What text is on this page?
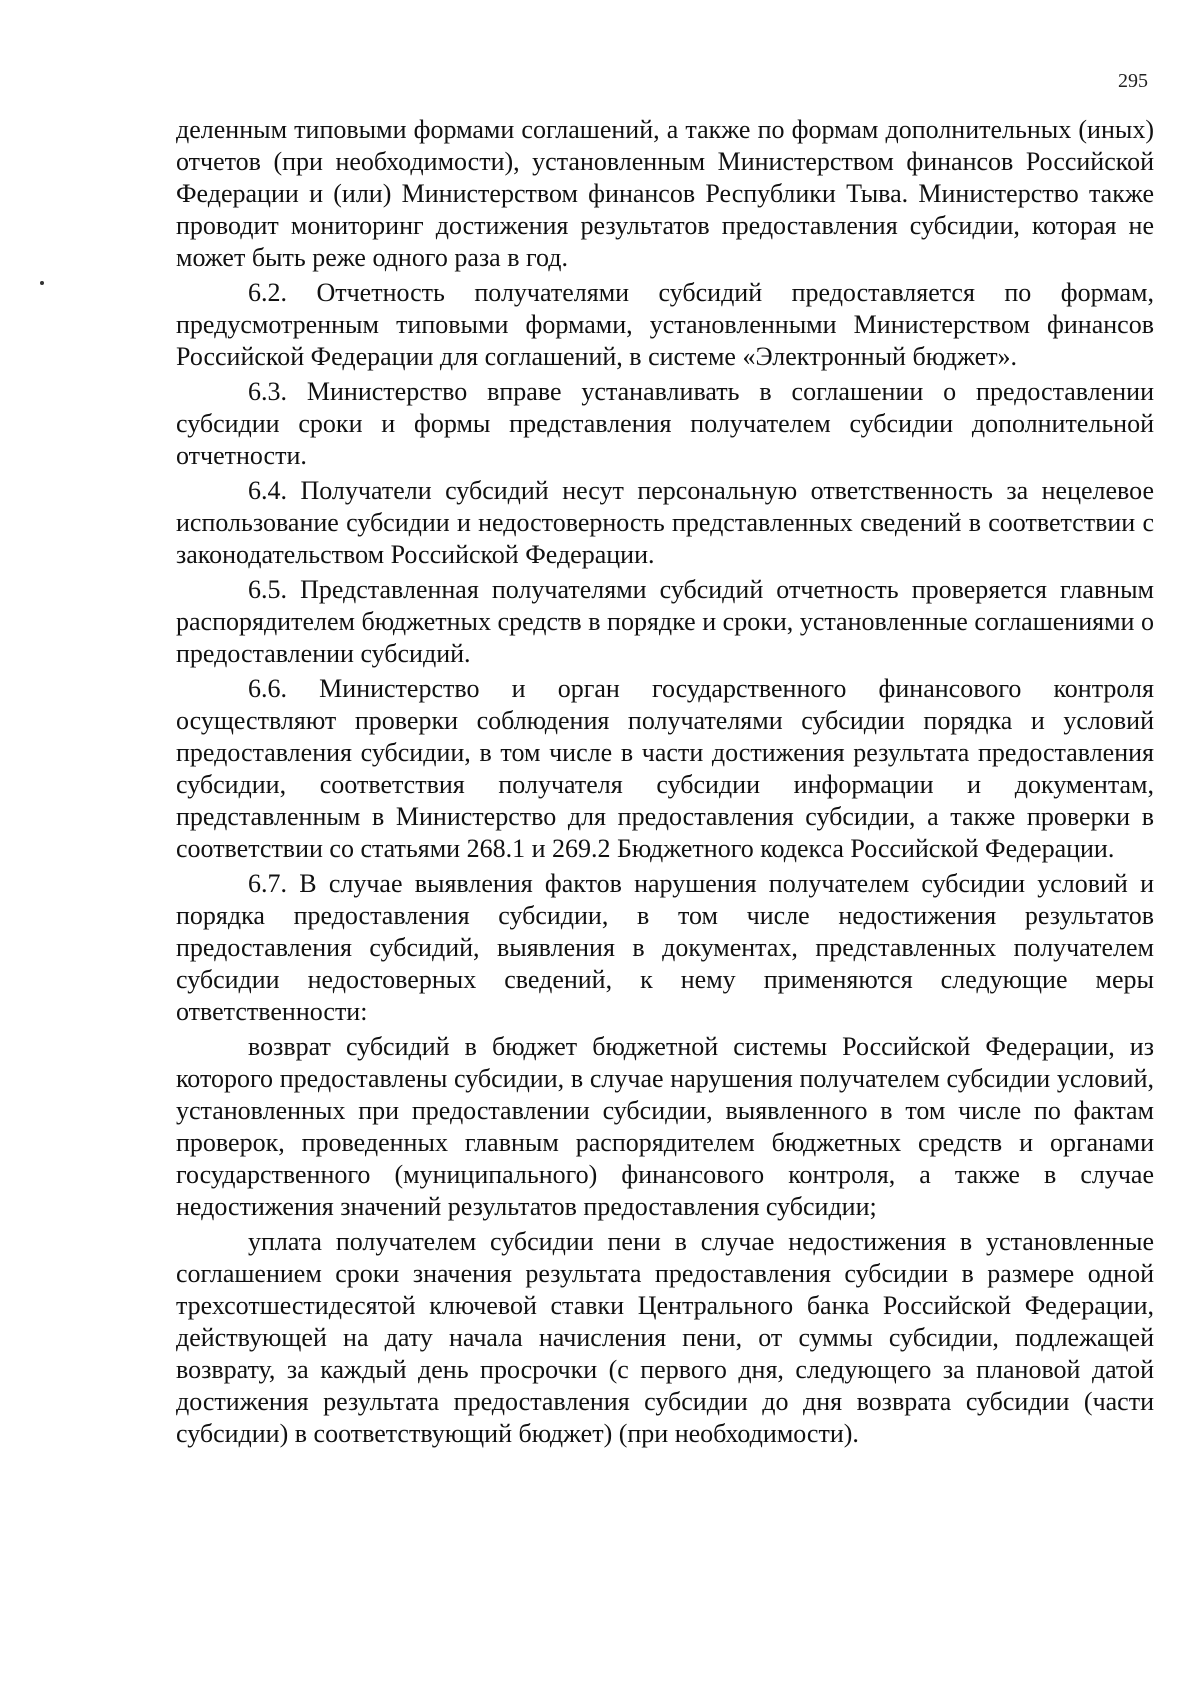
295

деленным типовыми формами соглашений, а также по формам дополнительных (иных) отчетов (при необходимости), установленным Министерством финансов Российской Федерации и (или) Министерством финансов Республики Тыва. Министерство также проводит мониторинг достижения результатов предоставления субсидии, которая не может быть реже одного раза в год.

6.2. Отчетность получателями субсидий предоставляется по формам, предусмотренным типовыми формами, установленными Министерством финансов Российской Федерации для соглашений, в системе «Электронный бюджет».

6.3. Министерство вправе устанавливать в соглашении о предоставлении субсидии сроки и формы представления получателем субсидии дополнительной отчетности.

6.4. Получатели субсидий несут персональную ответственность за нецелевое использование субсидии и недостоверность представленных сведений в соответствии с законодательством Российской Федерации.

6.5. Представленная получателями субсидий отчетность проверяется главным распорядителем бюджетных средств в порядке и сроки, установленные соглашениями о предоставлении субсидий.

6.6. Министерство и орган государственного финансового контроля осуществляют проверки соблюдения получателями субсидии порядка и условий предоставления субсидии, в том числе в части достижения результата предоставления субсидии, соответствия получателя субсидии информации и документам, представленным в Министерство для предоставления субсидии, а также проверки в соответствии со статьями 268.1 и 269.2 Бюджетного кодекса Российской Федерации.

6.7. В случае выявления фактов нарушения получателем субсидии условий и порядка предоставления субсидии, в том числе недостижения результатов предоставления субсидий, выявления в документах, представленных получателем субсидии недостоверных сведений, к нему применяются следующие меры ответственности:

возврат субсидий в бюджет бюджетной системы Российской Федерации, из которого предоставлены субсидии, в случае нарушения получателем субсидии условий, установленных при предоставлении субсидии, выявленного в том числе по фактам проверок, проведенных главным распорядителем бюджетных средств и органами государственного (муниципального) финансового контроля, а также в случае недостижения значений результатов предоставления субсидии;

уплата получателем субсидии пени в случае недостижения в установленные соглашением сроки значения результата предоставления субсидии в размере одной трехсотшестидесятой ключевой ставки Центрального банка Российской Федерации, действующей на дату начала начисления пени, от суммы субсидии, подлежащей возврату, за каждый день просрочки (с первого дня, следующего за плановой датой достижения результата предоставления субсидии до дня возврата субсидии (части субсидии) в соответствующий бюджет) (при необходимости).
